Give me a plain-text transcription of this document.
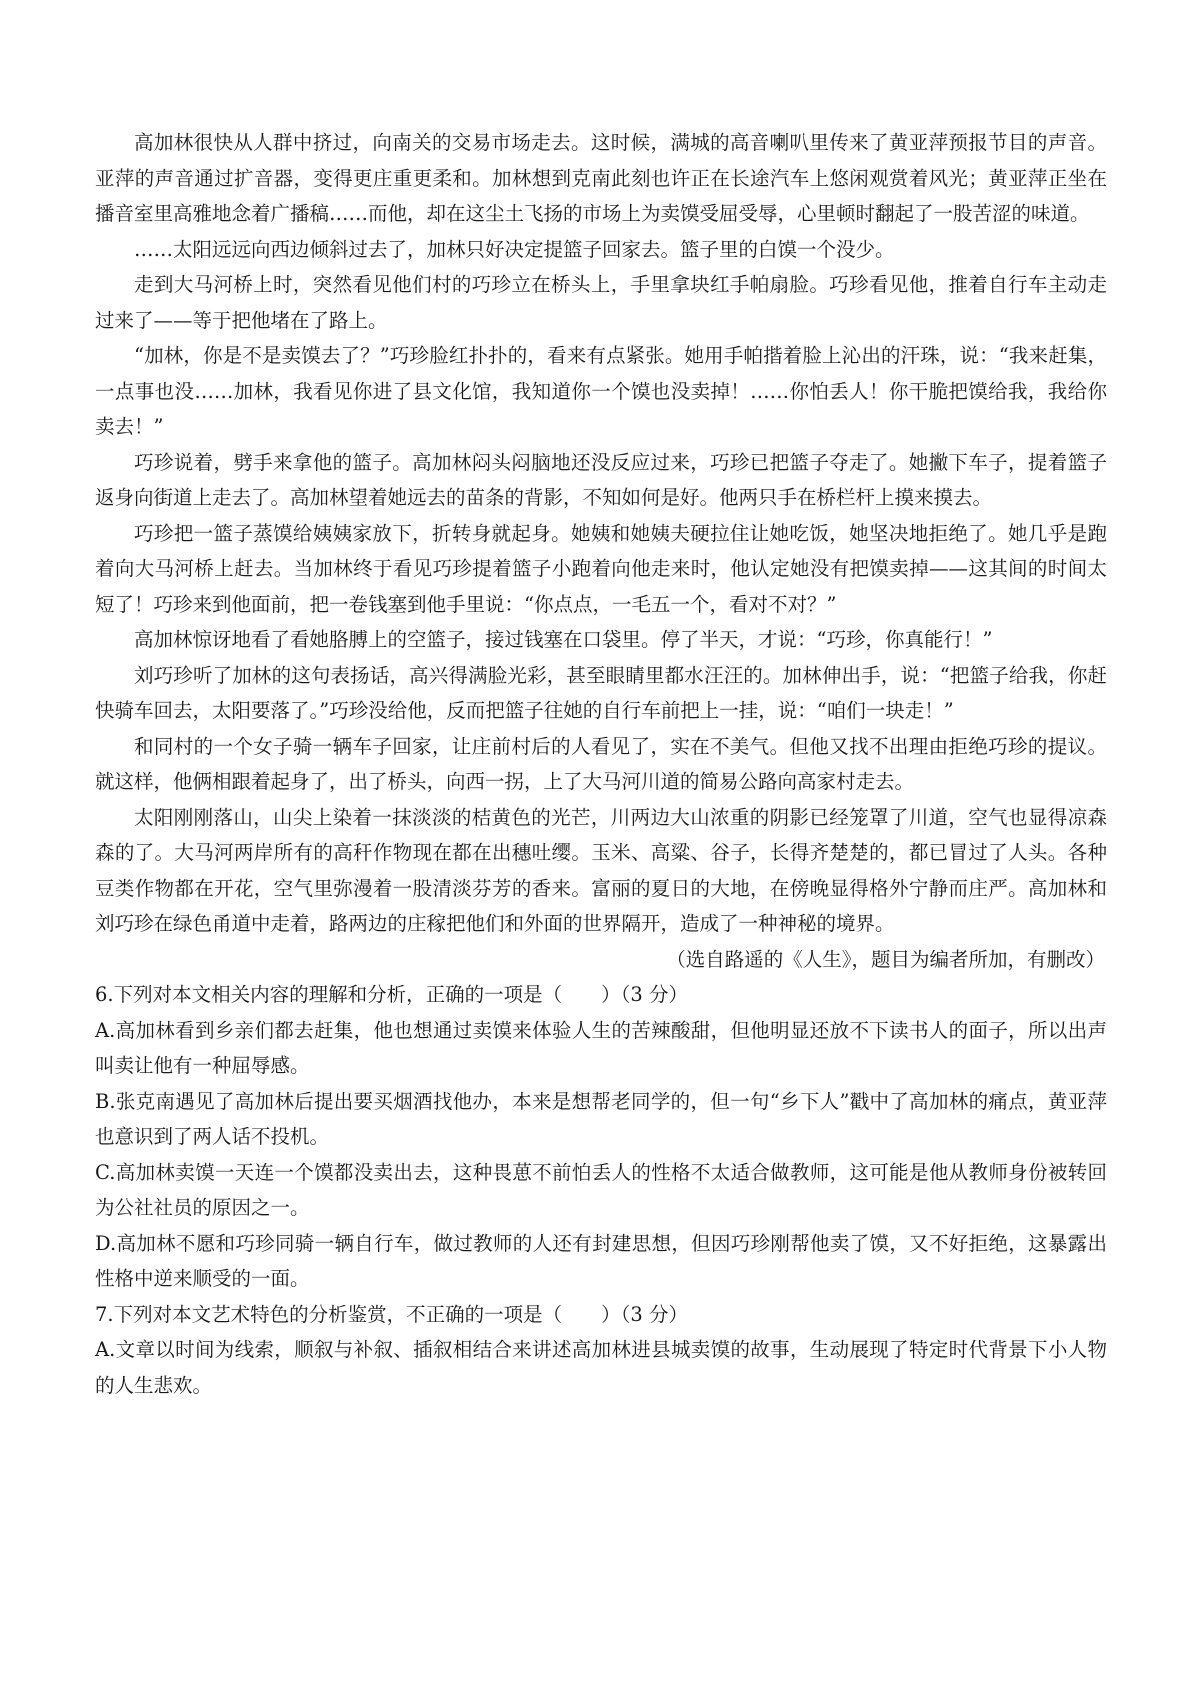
高加林很快从人群中挤过，向南关的交易市场走去。这时候，满城的高音喇叭里传来了黄亚萍预报节目的声音。亚萍的声音通过扩音器，变得更庄重更柔和。加林想到克南此刻也许正在长途汽车上悠闲观赏着风光；黄亚萍正坐在播音室里高雅地念着广播稿……而他，却在这尘土飞扬的市场上为卖馍受屈受辱，心里顿时翻起了一股苦涩的味道。

……太阳远远向西边倾斜过去了，加林只好决定提篮子回家去。篮子里的白馍一个没少。

走到大马河桥上时，突然看见他们村的巧珍立在桥头上，手里拿块红手帕扇脸。巧珍看见他，推着自行车主动走过来了——等于把他堵在了路上。

“加林，你是不是卖馍去了？”巧珍脸红扑扑的，看来有点紧张。她用手帕揩着脸上沁出的汗珠，说：“我来赶集，一点事也没……加林，我看见你进了县文化馆，我知道你一个馍也没卖掉！……你怕丢人！你干脆把馍给我，我给你卖去！”

巧珍说着，劈手来拿他的篮子。高加林闷头闷脑地还没反应过来，巧珍已把篮子夺走了。她撇下车子，提着篮子返身向街道上走去了。高加林望着她远去的苗条的背影，不知如何是好。他两只手在桥栏杆上摸来摸去。

巧珍把一篮子蒸馍给姨姨家放下，折转身就起身。她姨和她姨夫硬拉住让她吃饭，她坚决地拒绝了。她几乎是跑着向大马河桥上赶去。当加林终于看见巧珍提着篮子小跑着向他走来时，他认定她没有把馍卖掉——这其间的时间太短了！巧珍来到他面前，把一卷钱塞到他手里说：“你点点，一毛五一个，看对不对？”

高加林惊讶地看了看她胳膊上的空篮子，接过钱塞在口袋里。停了半天，才说：“巧珍，你真能行！”

刘巧珍听了加林的这句表扬话，高兴得满脸光彩，甚至眼睛里都水汪汪的。加林伸出手，说：“把篮子给我，你赶快骑车回去，太阳要落了。”巧珍没给他，反而把篮子往她的自行车前把上一挂，说：“咱们一块走！”

和同村的一个女子骑一辆车子回家，让庄前村后的人看见了，实在不美气。但他又找不出理由拒绝巧珍的提议。就这样，他俩相跟着起身了，出了桥头，向西一拐，上了大马河川道的简易公路向高家村走去。

太阳刚刚落山，山尖上染着一抹淡淡的桔黄色的光芒，川两边大山浓重的阴影已经笼罩了川道，空气也显得凉森森的了。大马河两岸所有的高秆作物现在都在出穗吐缨。玉米、高粱、谷子，长得齐楚楚的，都已冒过了人头。各种豆类作物都在开花，空气里弥漫着一股清淡芬芳的香来。富丽的夏日的大地，在傍晚显得格外宁静而庄严。高加林和刘巧珍在绿色甬道中走着，路两边的庄稼把他们和外面的世界隔开，造成了一种神秘的境界。

（选自路遥的《人生》，题目为编者所加，有删改）

6.下列对本文相关内容的理解和分析，正确的一项是（　　）（3 分）

A.高加林看到乡亲们都去赶集，他也想通过卖馍来体验人生的苦辣酸甜，但他明显还放不下读书人的面子，所以出声叫卖让他有一种屈辱感。

B.张克南遇见了高加林后提出要买烟酒找他办，本来是想帮老同学的，但一句“乡下人”戳中了高加林的痛点，黄亚萍也意识到了两人话不投机。

C.高加林卖馍一天连一个馍都没卖出去，这种畏葸不前怕丢人的性格不太适合做教师，这可能是他从教师身份被转回为公社社员的原因之一。

D.高加林不愿和巧珍同骑一辆自行车，做过教师的人还有封建思想，但因巧珍刚帮他卖了馍，又不好拒绝，这暴露出性格中逆来顺受的一面。

7.下列对本文艺术特色的分析鉴赏，不正确的一项是（　　）（3 分）

A.文章以时间为线索，顺叙与补叙、插叙相结合来讲述高加林进县城卖馍的故事，生动展现了特定时代背景下小人物的人生悲欢。
